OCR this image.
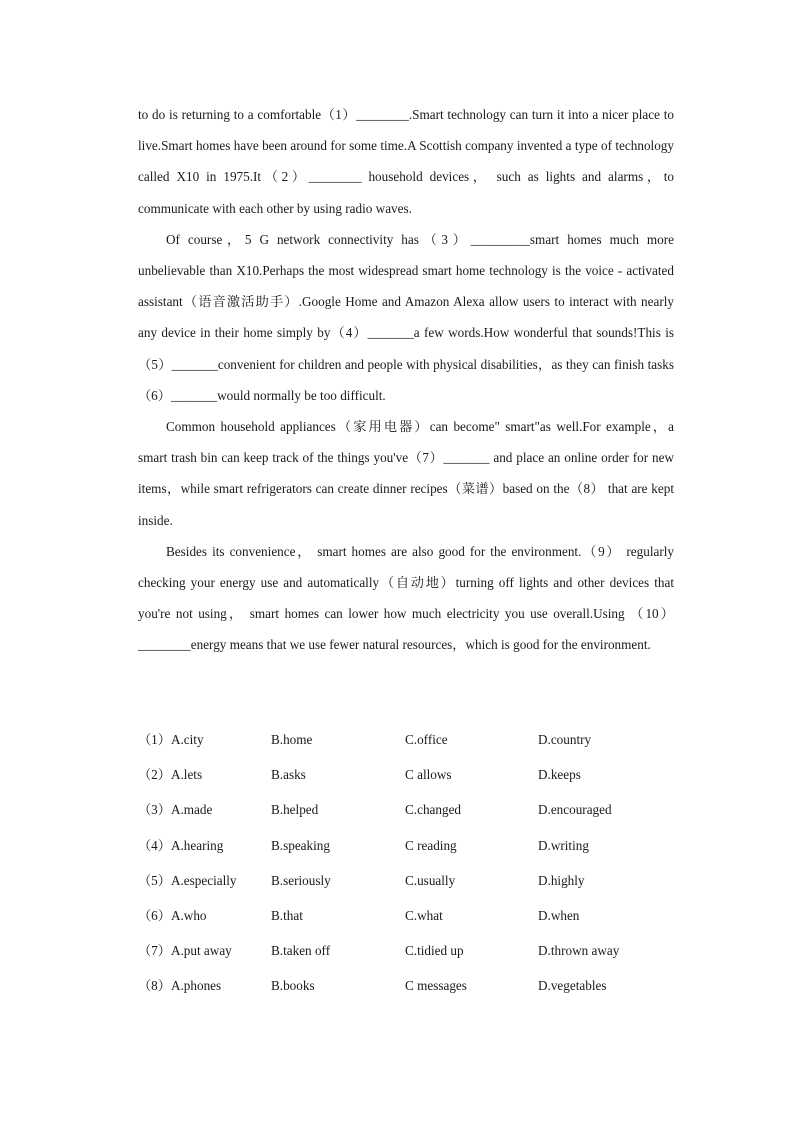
to do is returning to a comfortable（1）________.Smart technology can turn it into a nicer place to live.Smart homes have been around for some time.A Scottish company invented a type of technology called X10 in 1975.It（2）________ household devices， such as lights and alarms，to communicate with each other by using radio waves.

Of course，5 G network connectivity has（3）_________smart homes much more unbelievable than X10.Perhaps the most widespread smart home technology is the voice - activated assistant（语音激活助手）.Google Home and Amazon Alexa allow users to interact with nearly any device in their home simply by（4）_______a few words.How wonderful that sounds!This is（5）_______convenient for children and people with physical disabilities，as they can finish tasks （6）_______would normally be too difficult.

Common household appliances（家用电器）can become" smart"as well.For example，a smart trash bin can keep track of the things you've（7）_______ and place an online order for new items，while smart refrigerators can create dinner recipes（菜谱）based on the（8） that are kept inside.

Besides its convenience， smart homes are also good for the environment.（9） regularly checking your energy use and automatically（自动地）turning off lights and other devices that you're not using， smart homes can lower how much electricity you use overall.Using （10）________energy means that we use fewer natural resources，which is good for the environment.

（1）A.city	B.home	C.office	D.country
（2）A.lets	B.asks	C allows	D.keeps
（3）A.made	B.helped	C.changed	D.encouraged
（4）A.hearing	B.speaking	C reading	D.writing
（5）A.especially	B.seriously	C.usually	D.highly
（6）A.who	B.that	C.what	D.when
（7）A.put away	B.taken off	C.tidied up	D.thrown away
（8）A.phones	B.books	C messages	D.vegetables
